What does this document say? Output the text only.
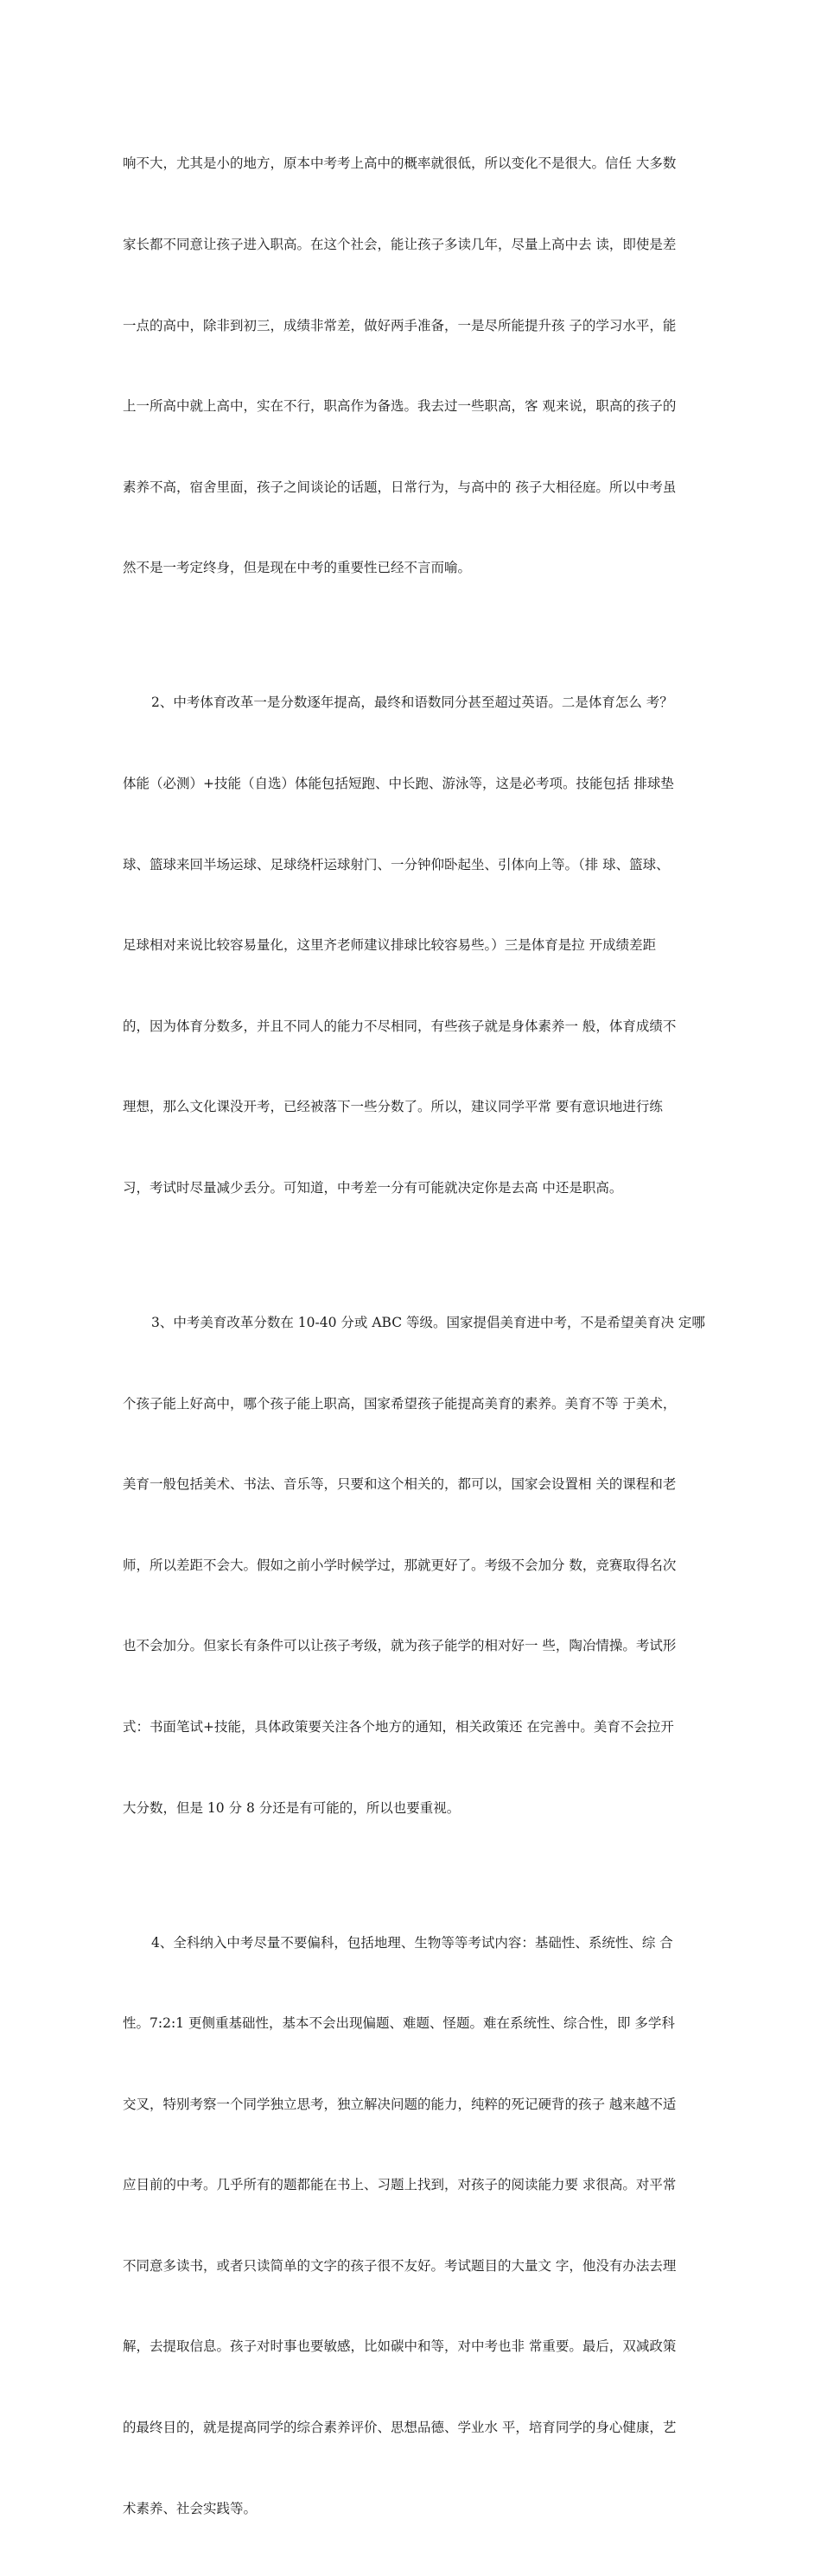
响不大，尤其是小的地方，原本中考考上高中的概率就很低，所以变化不是很大。信任 大多数

家长都不同意让孩子进入职高。在这个社会，能让孩子多读几年，尽量上高中去 读，即使是差

一点的高中，除非到初三，成绩非常差，做好两手准备，一是尽所能提升孩 子的学习水平，能

上一所高中就上高中，实在不行，职高作为备选。我去过一些职高，客 观来说，职高的孩子的

素养不高，宿舍里面，孩子之间谈论的话题，日常行为，与高中的 孩子大相径庭。所以中考虽

然不是一考定终身，但是现在中考的重要性已经不言而喻。

2、中考体育改革一是分数逐年提高，最终和语数同分甚至超过英语。二是体育怎么 考？

体能（必测）+技能（自选）体能包括短跑、中长跑、游泳等，这是必考项。技能包括 排球垫

球、篮球来回半场运球、足球绕杆运球射门、一分钟仰卧起坐、引体向上等。（排 球、篮球、

足球相对来说比较容易量化，这里齐老师建议排球比较容易些。）三是体育是拉 开成绩差距

的，因为体育分数多，并且不同人的能力不尽相同，有些孩子就是身体素养一 般，体育成绩不

理想，那么文化课没开考，已经被落下一些分数了。所以，建议同学平常 要有意识地进行练

习，考试时尽量减少丢分。可知道，中考差一分有可能就决定你是去高 中还是职高。

3、中考美育改革分数在 10-40 分或 ABC 等级。国家提倡美育进中考，不是希望美育决 定哪

个孩子能上好高中，哪个孩子能上职高，国家希望孩子能提高美育的素养。美育不等 于美术，

美育一般包括美术、书法、音乐等，只要和这个相关的，都可以，国家会设置相 关的课程和老

师，所以差距不会大。假如之前小学时候学过，那就更好了。考级不会加分 数，竞赛取得名次

也不会加分。但家长有条件可以让孩子考级，就为孩子能学的相对好一 些，陶冶情操。考试形

式：书面笔试+技能，具体政策要关注各个地方的通知，相关政策还 在完善中。美育不会拉开

大分数，但是 10 分 8 分还是有可能的，所以也要重视。

4、全科纳入中考尽量不要偏科，包括地理、生物等等考试内容：基础性、系统性、综 合

性。7:2:1 更侧重基础性，基本不会出现偏题、难题、怪题。难在系统性、综合性，即 多学科

交叉，特别考察一个同学独立思考，独立解决问题的能力，纯粹的死记硬背的孩子 越来越不适

应目前的中考。几乎所有的题都能在书上、习题上找到，对孩子的阅读能力要 求很高。对平常

不同意多读书，或者只读简单的文字的孩子很不友好。考试题目的大量文 字，他没有办法去理

解，去提取信息。孩子对时事也要敏感，比如碳中和等，对中考也非 常重要。最后，双减政策

的最终目的，就是提高同学的综合素养评价、思想品德、学业水 平，培育同学的身心健康，艺

术素养、社会实践等。
